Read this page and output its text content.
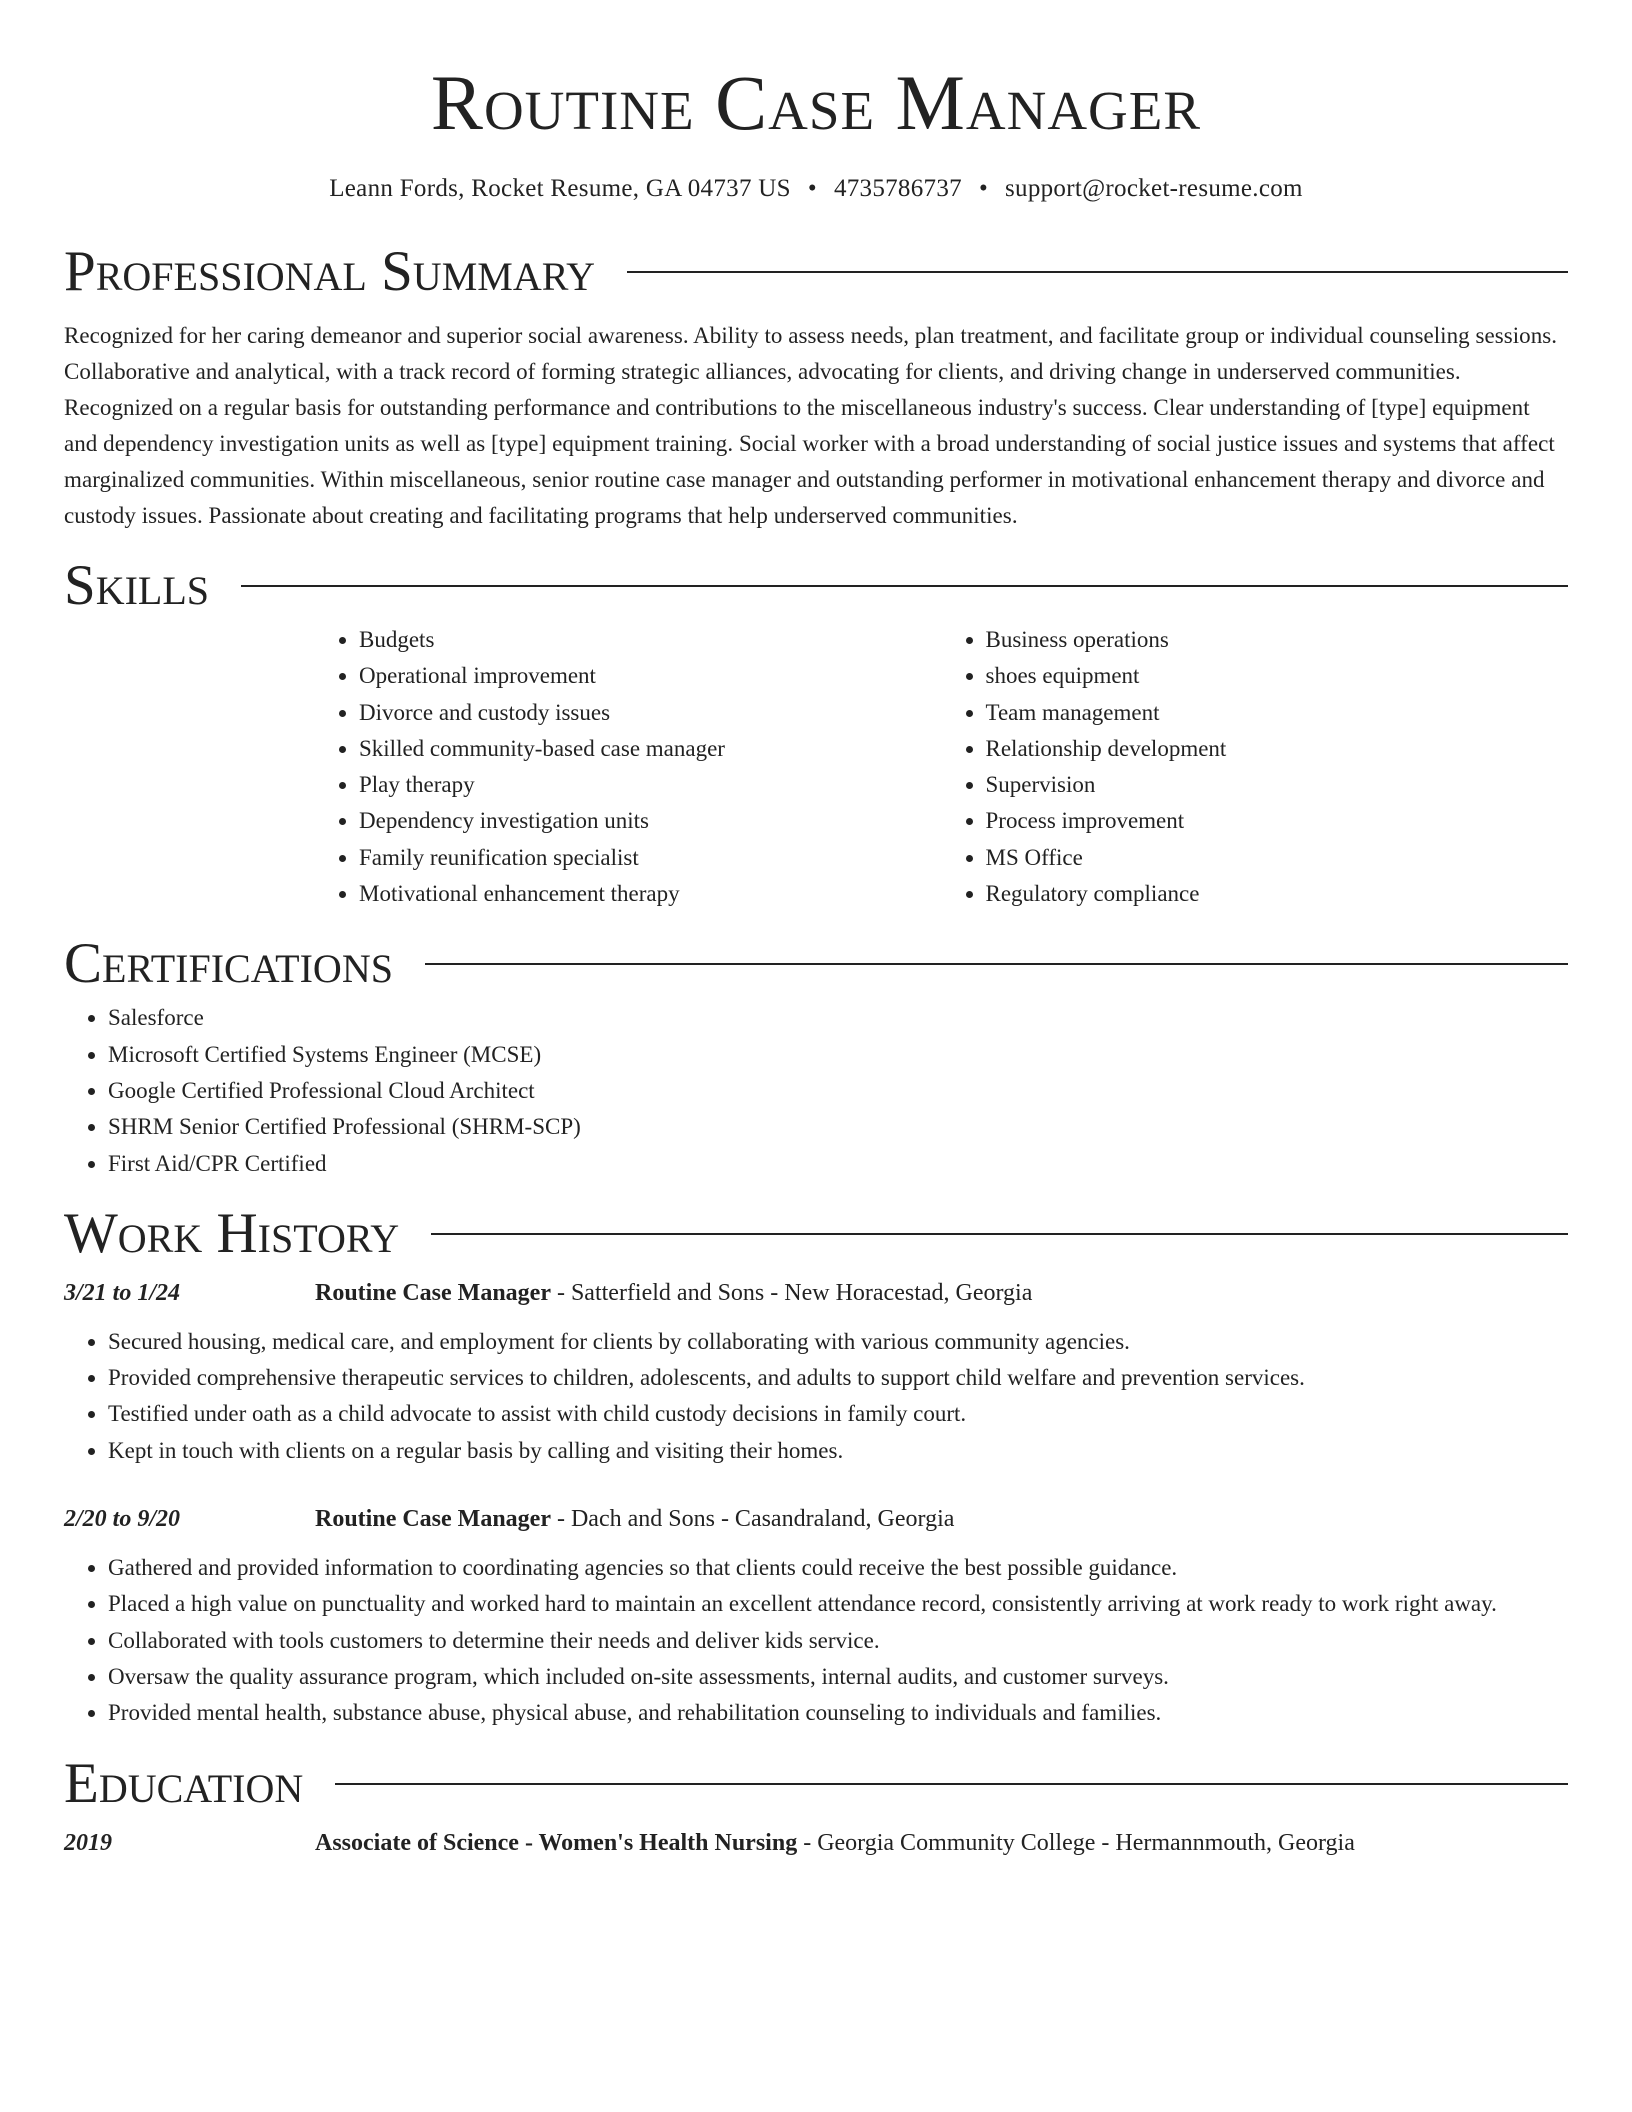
Routine Case Manager
Leann Fords, Rocket Resume, GA 04737 US • 4735786737 • support@rocket-resume.com
Professional Summary

Recognized for her caring demeanor and superior social awareness. Ability to assess needs, plan treatment, and facilitate group or individual counseling sessions. Collaborative and analytical, with a track record of forming strategic alliances, advocating for clients, and driving change in underserved communities. Recognized on a regular basis for outstanding performance and contributions to the miscellaneous industry's success. Clear understanding of [type] equipment and dependency investigation units as well as [type] equipment training. Social worker with a broad understanding of social justice issues and systems that affect marginalized communities. Within miscellaneous, senior routine case manager and outstanding performer in motivational enhancement therapy and divorce and custody issues. Passionate about creating and facilitating programs that help underserved communities.

Skills
• Budgets
• Operational improvement
• Divorce and custody issues
• Skilled community-based case manager
• Play therapy
• Dependency investigation units
• Family reunification specialist
• Motivational enhancement therapy
• Business operations
• shoes equipment
• Team management
• Relationship development
• Supervision
• Process improvement
• MS Office
• Regulatory compliance
Certifications
• Salesforce
• Microsoft Certified Systems Engineer (MCSE)
• Google Certified Professional Cloud Architect
• SHRM Senior Certified Professional (SHRM-SCP)
• First Aid/CPR Certified
Work History
3/21 to 1/24	Routine Case Manager - Satterfield and Sons - New Horacestad, Georgia
• Secured housing, medical care, and employment for clients by collaborating with various community agencies.
• Provided comprehensive therapeutic services to children, adolescents, and adults to support child welfare and prevention services.
• Testified under oath as a child advocate to assist with child custody decisions in family court.
• Kept in touch with clients on a regular basis by calling and visiting their homes.
2/20 to 9/20	Routine Case Manager - Dach and Sons - Casandraland, Georgia
• Gathered and provided information to coordinating agencies so that clients could receive the best possible guidance.
• Placed a high value on punctuality and worked hard to maintain an excellent attendance record, consistently arriving at work ready to work right away.
• Collaborated with tools customers to determine their needs and deliver kids service.
• Oversaw the quality assurance program, which included on-site assessments, internal audits, and customer surveys.
• Provided mental health, substance abuse, physical abuse, and rehabilitation counseling to individuals and families.
Education
2019	Associate of Science - Women's Health Nursing - Georgia Community College - Hermannmouth, Georgia
